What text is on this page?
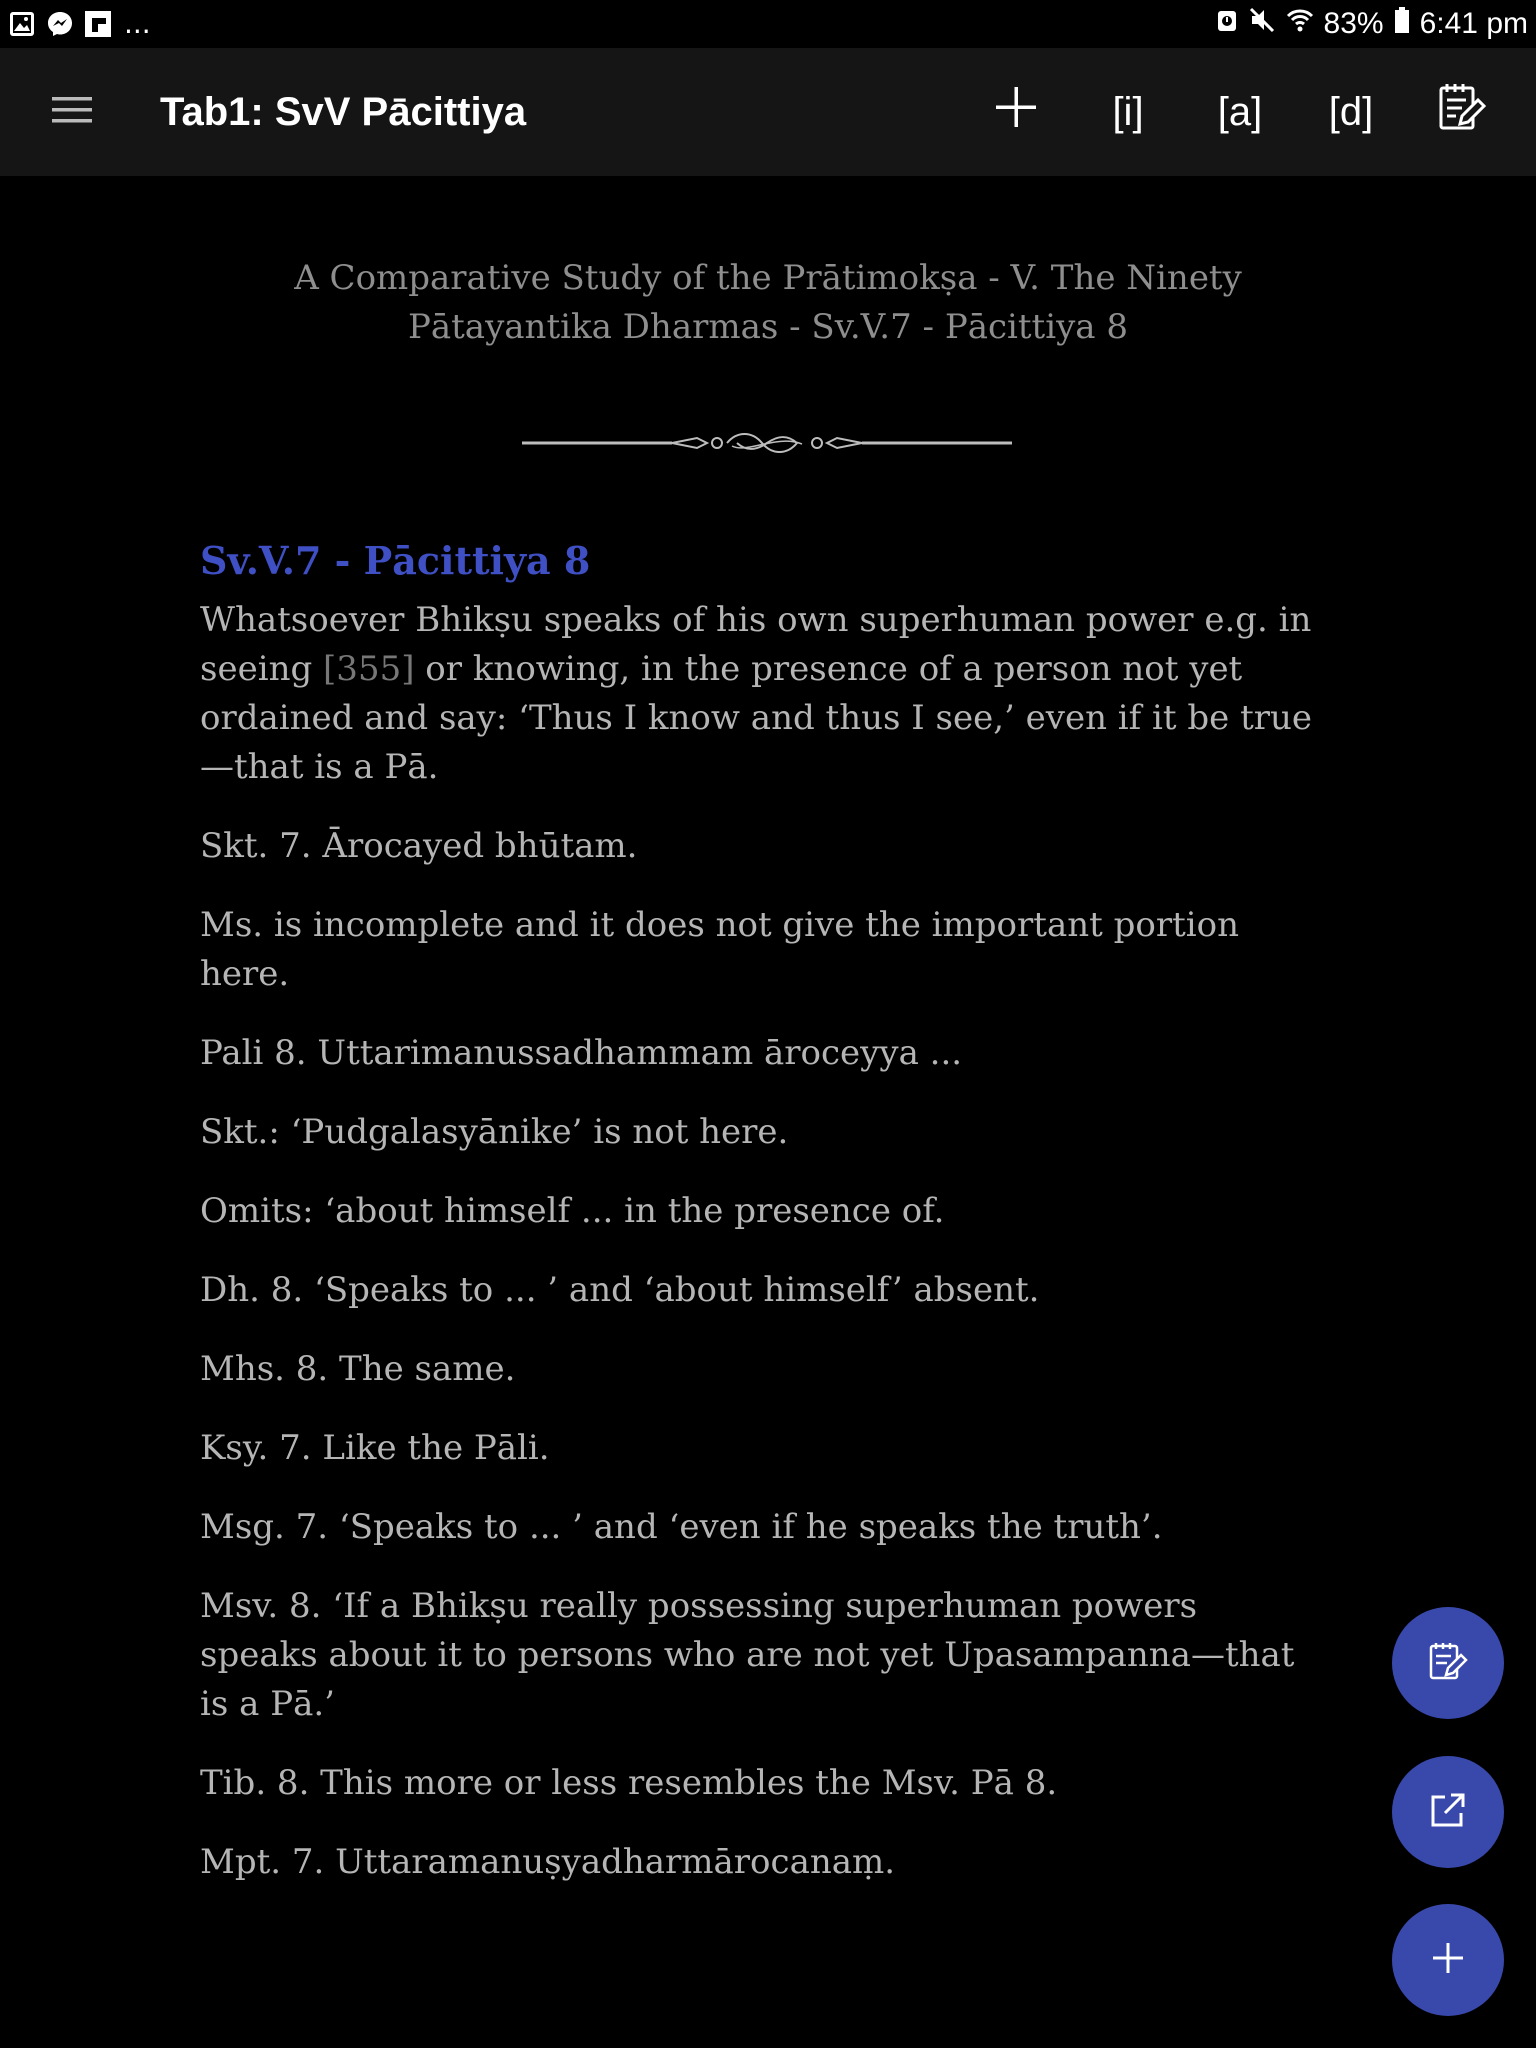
...	83% 6:41 pm
Tab1: SvV Pācittiya	[i]	[a]	[d]
A Comparative Study of the Prātimokṣa - V. The Ninety Pātayantika Dharmas - Sv.V.7 - Pācittiya 8
Sv.V.7 - Pācittiya 8

Whatsoever Bhikṣu speaks of his own superhuman power e.g. in seeing [355] or knowing, in the presence of a person not yet ordained and say: ‘Thus I know and thus I see,’ even if it be true—that is a Pā.

Skt. 7. Ārocayed bhūtam.

Ms. is incomplete and it does not give the important portion here.

Pali 8. Uttarimanussadhammam āroceyya ...

Skt.: ‘Pudgalasyānike’ is not here.

Omits: ‘about himself ... in the presence of.

Dh. 8. ‘Speaks to ... ’ and ‘about himself’ absent.

Mhs. 8. The same.

Ksy. 7. Like the Pāli.

Msg. 7. ‘Speaks to ... ’ and ‘even if he speaks the truth’.

Msv. 8. ‘If a Bhikṣu really possessing superhuman powers speaks about it to persons who are not yet Upasampanna—that is a Pā.’

Tib. 8. This more or less resembles the Msv. Pā 8.

Mpt. 7. Uttaramanuṣyadharmārocanaṃ.
